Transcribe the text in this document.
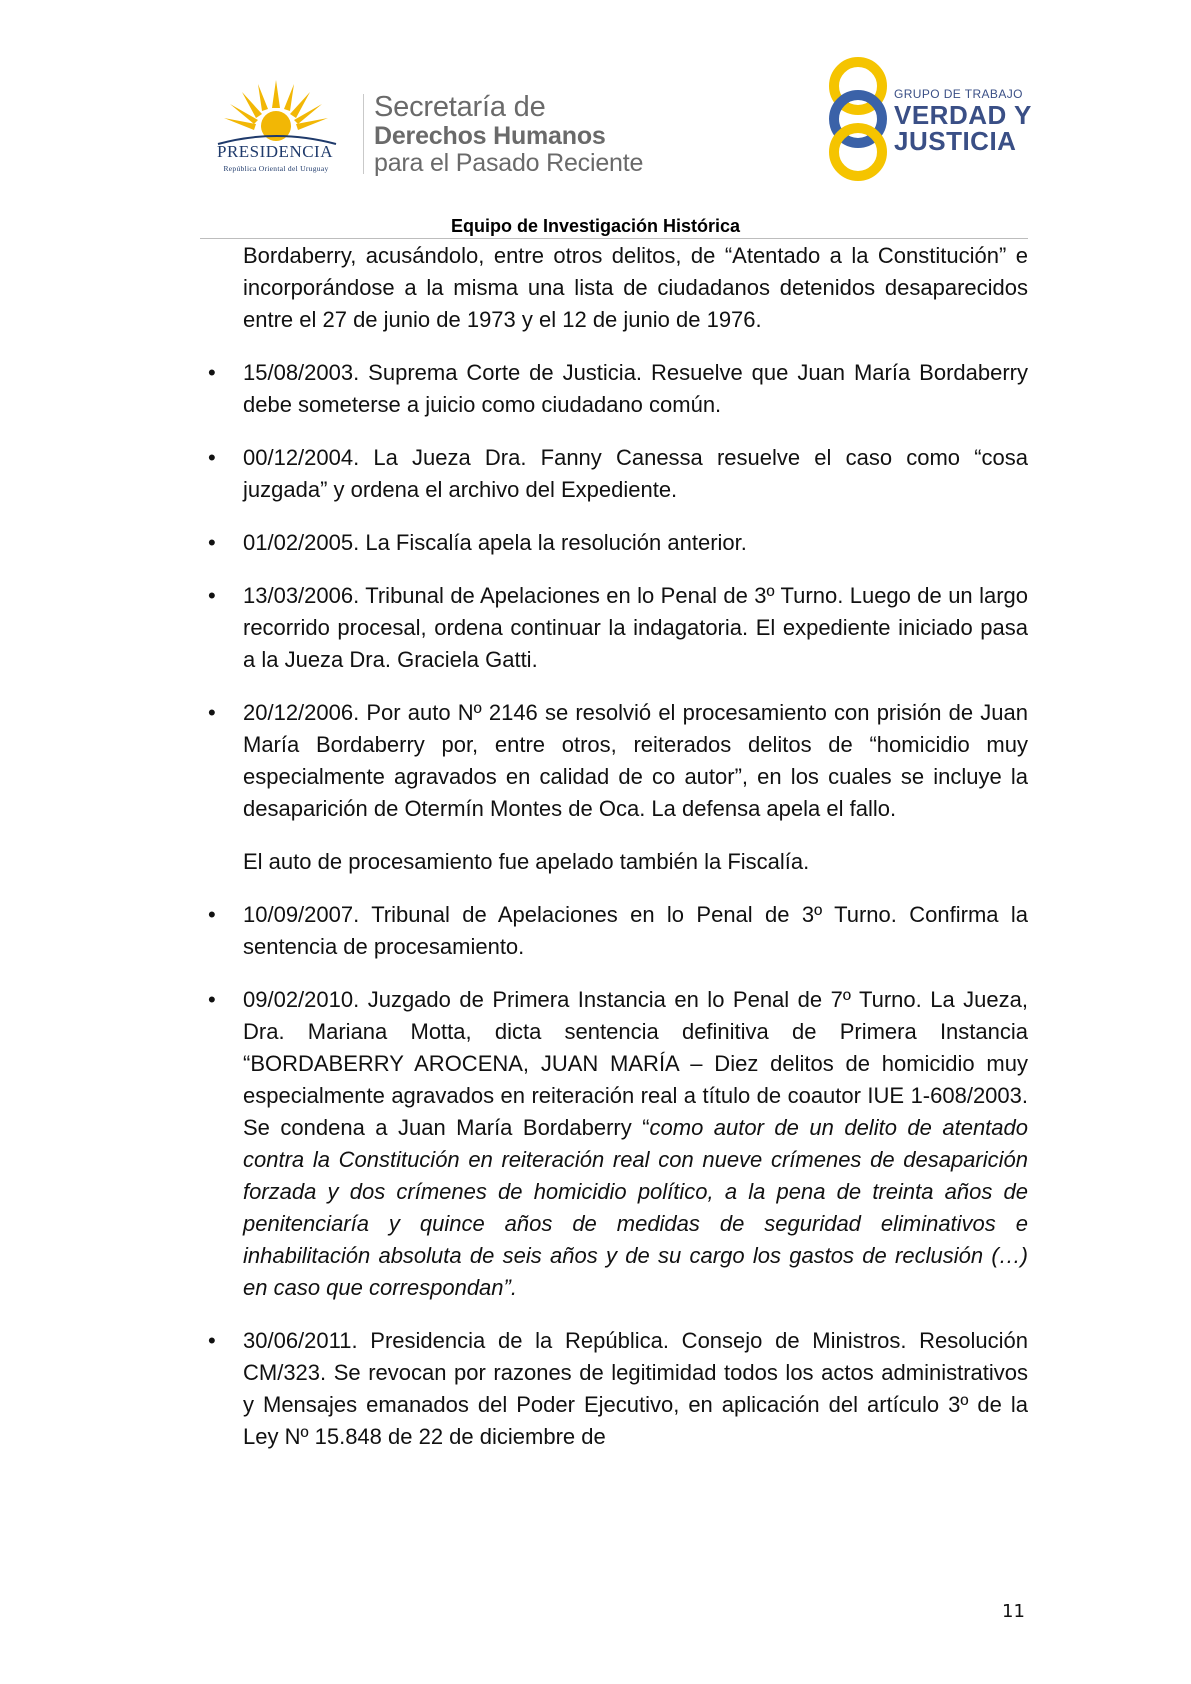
PRESIDENCIA
República Oriental del Uruguay
Secretaría de
Derechos Humanos
para el Pasado Reciente
GRUPO DE TRABAJO
VERDAD Y
JUSTICIA
Equipo de Investigación Histórica

Bordaberry, acusándolo, entre otros delitos, de “Atentado a la Constitución” e incorporándose a la misma una lista de ciudadanos detenidos desaparecidos entre el 27 de junio de 1973 y el 12 de junio de 1976.

• 15/08/2003. Suprema Corte de Justicia. Resuelve que Juan María Bordaberry debe someterse a juicio como ciudadano común.
• 00/12/2004. La Jueza Dra. Fanny Canessa resuelve el caso como “cosa juzgada” y ordena el archivo del Expediente.
• 01/02/2005. La Fiscalía apela la resolución anterior.
• 13/03/2006. Tribunal de Apelaciones en lo Penal de 3º Turno. Luego de un largo recorrido procesal, ordena continuar la indagatoria. El expediente iniciado pasa a la Jueza Dra. Graciela Gatti.
• 20/12/2006. Por auto Nº 2146 se resolvió el procesamiento con prisión de Juan María Bordaberry por, entre otros, reiterados delitos de “homicidio muy especialmente agravados en calidad de co autor”, en los cuales se incluye la desaparición de Otermín Montes de Oca. La defensa apela el fallo.

El auto de procesamiento fue apelado también la Fiscalía.

• 10/09/2007. Tribunal de Apelaciones en lo Penal de 3º Turno. Confirma la sentencia de procesamiento.
• 09/02/2010. Juzgado de Primera Instancia en lo Penal de 7º Turno. La Jueza, Dra. Mariana Motta, dicta sentencia definitiva de Primera Instancia “BORDABERRY AROCENA, JUAN MARÍA – Diez delitos de homicidio muy especialmente agravados en reiteración real a título de coautor IUE 1-608/2003. Se condena a Juan María Bordaberry “como autor de un delito de atentado contra la Constitución en reiteración real con nueve crímenes de desaparición forzada y dos crímenes de homicidio político, a la pena de treinta años de penitenciaría y quince años de medidas de seguridad eliminativos e inhabilitación absoluta de seis años y de su cargo los gastos de reclusión (…) en caso que correspondan”.
• 30/06/2011. Presidencia de la República. Consejo de Ministros. Resolución CM/323. Se revocan por razones de legitimidad todos los actos administrativos y Mensajes emanados del Poder Ejecutivo, en aplicación del artículo 3º de la Ley Nº 15.848 de 22 de diciembre de
11
